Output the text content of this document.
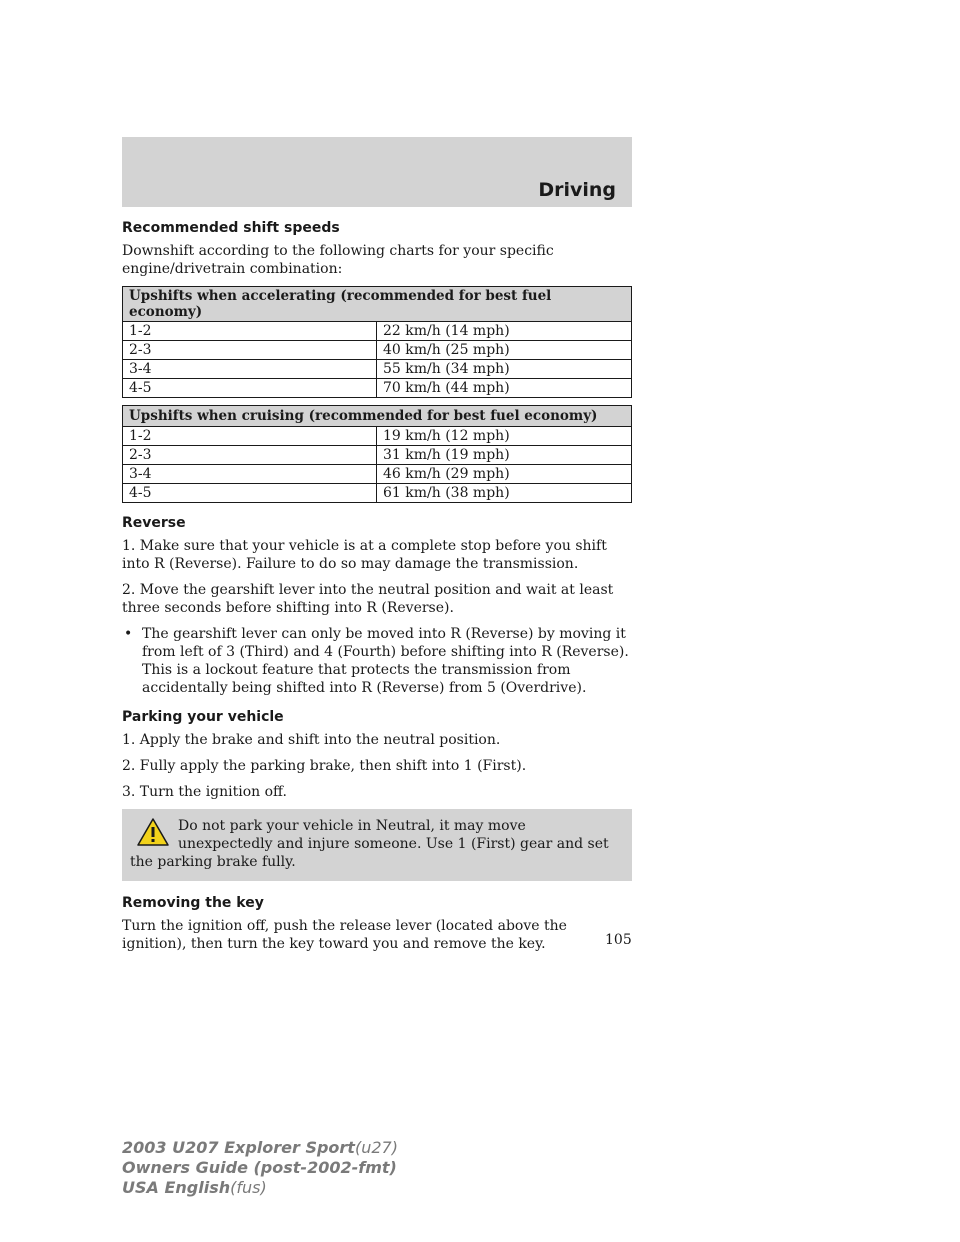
Driving
Recommended shift speeds

Downshift according to the following charts for your specific engine/drivetrain combination:

Upshifts when accelerating (recommended for best fuel economy)	
1-2	22 km/h (14 mph)
2-3	40 km/h (25 mph)
3-4	55 km/h (34 mph)
4-5	70 km/h (44 mph)
Upshifts when cruising (recommended for best fuel economy)	
1-2	19 km/h (12 mph)
2-3	31 km/h (19 mph)
3-4	46 km/h (29 mph)
4-5	61 km/h (38 mph)
Reverse

1. Make sure that your vehicle is at a complete stop before you shift into R (Reverse). Failure to do so may damage the transmission.

2. Move the gearshift lever into the neutral position and wait at least three seconds before shifting into R (Reverse).

• The gearshift lever can only be moved into R (Reverse) by moving it from left of 3 (Third) and 4 (Fourth) before shifting into R (Reverse). This is a lockout feature that protects the transmission from accidentally being shifted into R (Reverse) from 5 (Overdrive).
Parking your vehicle

1. Apply the brake and shift into the neutral position.

2. Fully apply the parking brake, then shift into 1 (First).

3. Turn the ignition off.

Do not park your vehicle in Neutral, it may move unexpectedly and injure someone. Use 1 (First) gear and set the parking brake fully.
Removing the key

Turn the ignition off, push the release lever (located above the ignition), then turn the key toward you and remove the key.	105
2003 U207 Explorer Sport(u27)
Owners Guide (post-2002-fmt)
USA English(fus)
